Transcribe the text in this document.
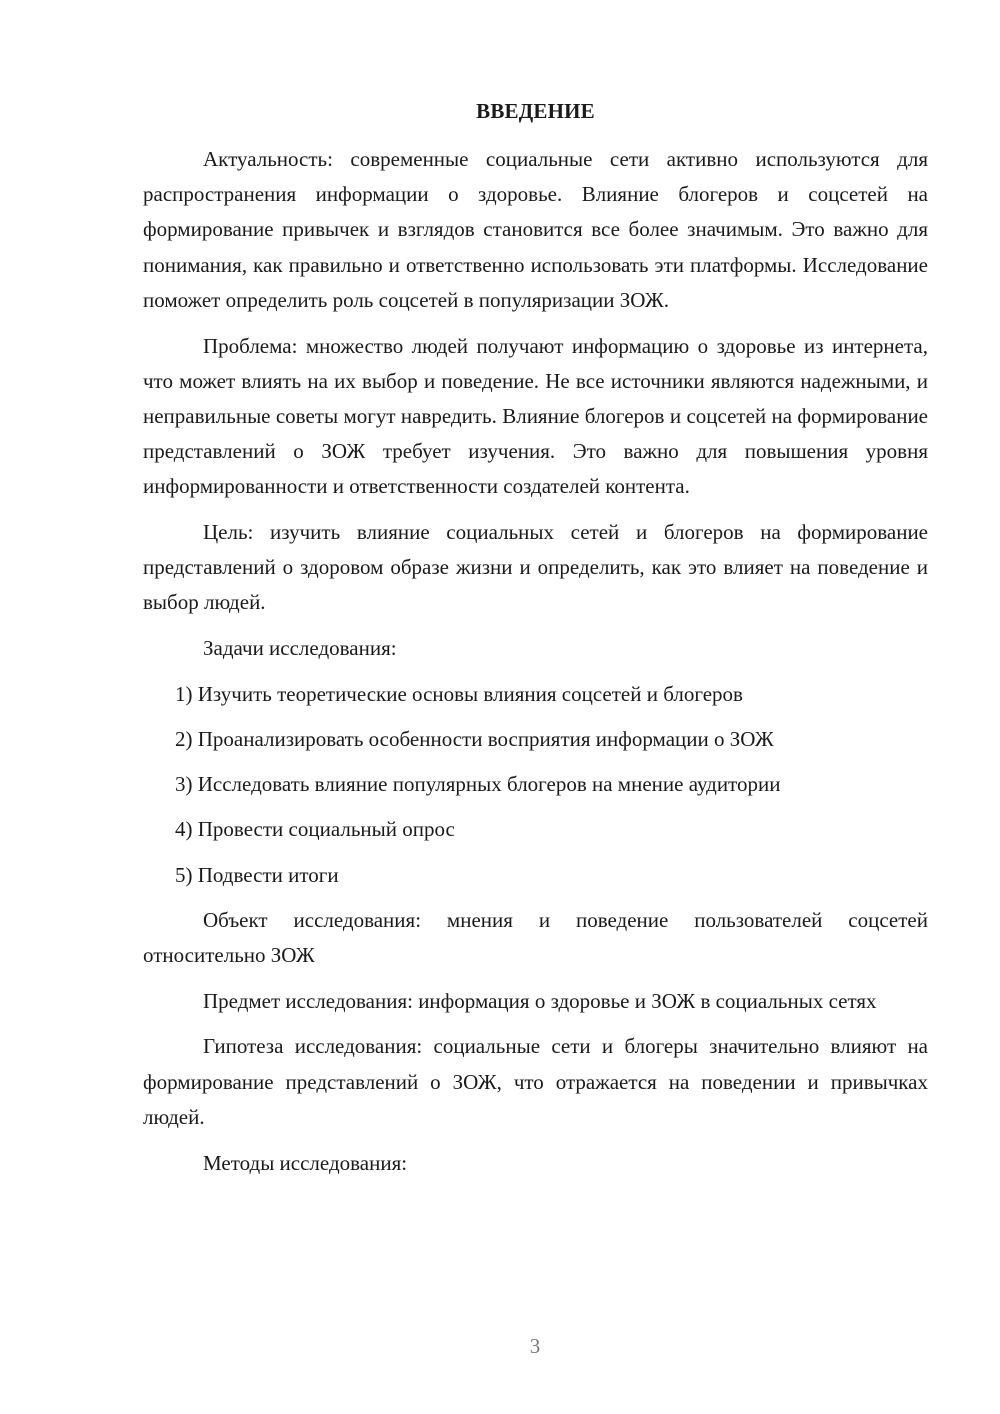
ВВЕДЕНИЕ

Актуальность: современные социальные сети активно используются для распространения информации о здоровье. Влияние блогеров и соцсетей на формирование привычек и взглядов становится все более значимым. Это важно для понимания, как правильно и ответственно использовать эти платформы. Исследование поможет определить роль соцсетей в популяризации ЗОЖ.

Проблема: множество людей получают информацию о здоровье из интернета, что может влиять на их выбор и поведение. Не все источники являются надежными, и неправильные советы могут навредить. Влияние блогеров и соцсетей на формирование представлений о ЗОЖ требует изучения. Это важно для повышения уровня информированности и ответственности создателей контента.

Цель: изучить влияние социальных сетей и блогеров на формирование представлений о здоровом образе жизни и определить, как это влияет на поведение и выбор людей.

Задачи исследования:

1) Изучить теоретические основы влияния соцсетей и блогеров
2) Проанализировать особенности восприятия информации о ЗОЖ
3) Исследовать влияние популярных блогеров на мнение аудитории
4) Провести социальный опрос
5) Подвести итоги

Объект исследования: мнения и поведение пользователей соцсетей относительно ЗОЖ

Предмет исследования: информация о здоровье и ЗОЖ в социальных сетях

Гипотеза исследования: социальные сети и блогеры значительно влияют на формирование представлений о ЗОЖ, что отражается на поведении и привычках людей.

Методы исследования:

3
